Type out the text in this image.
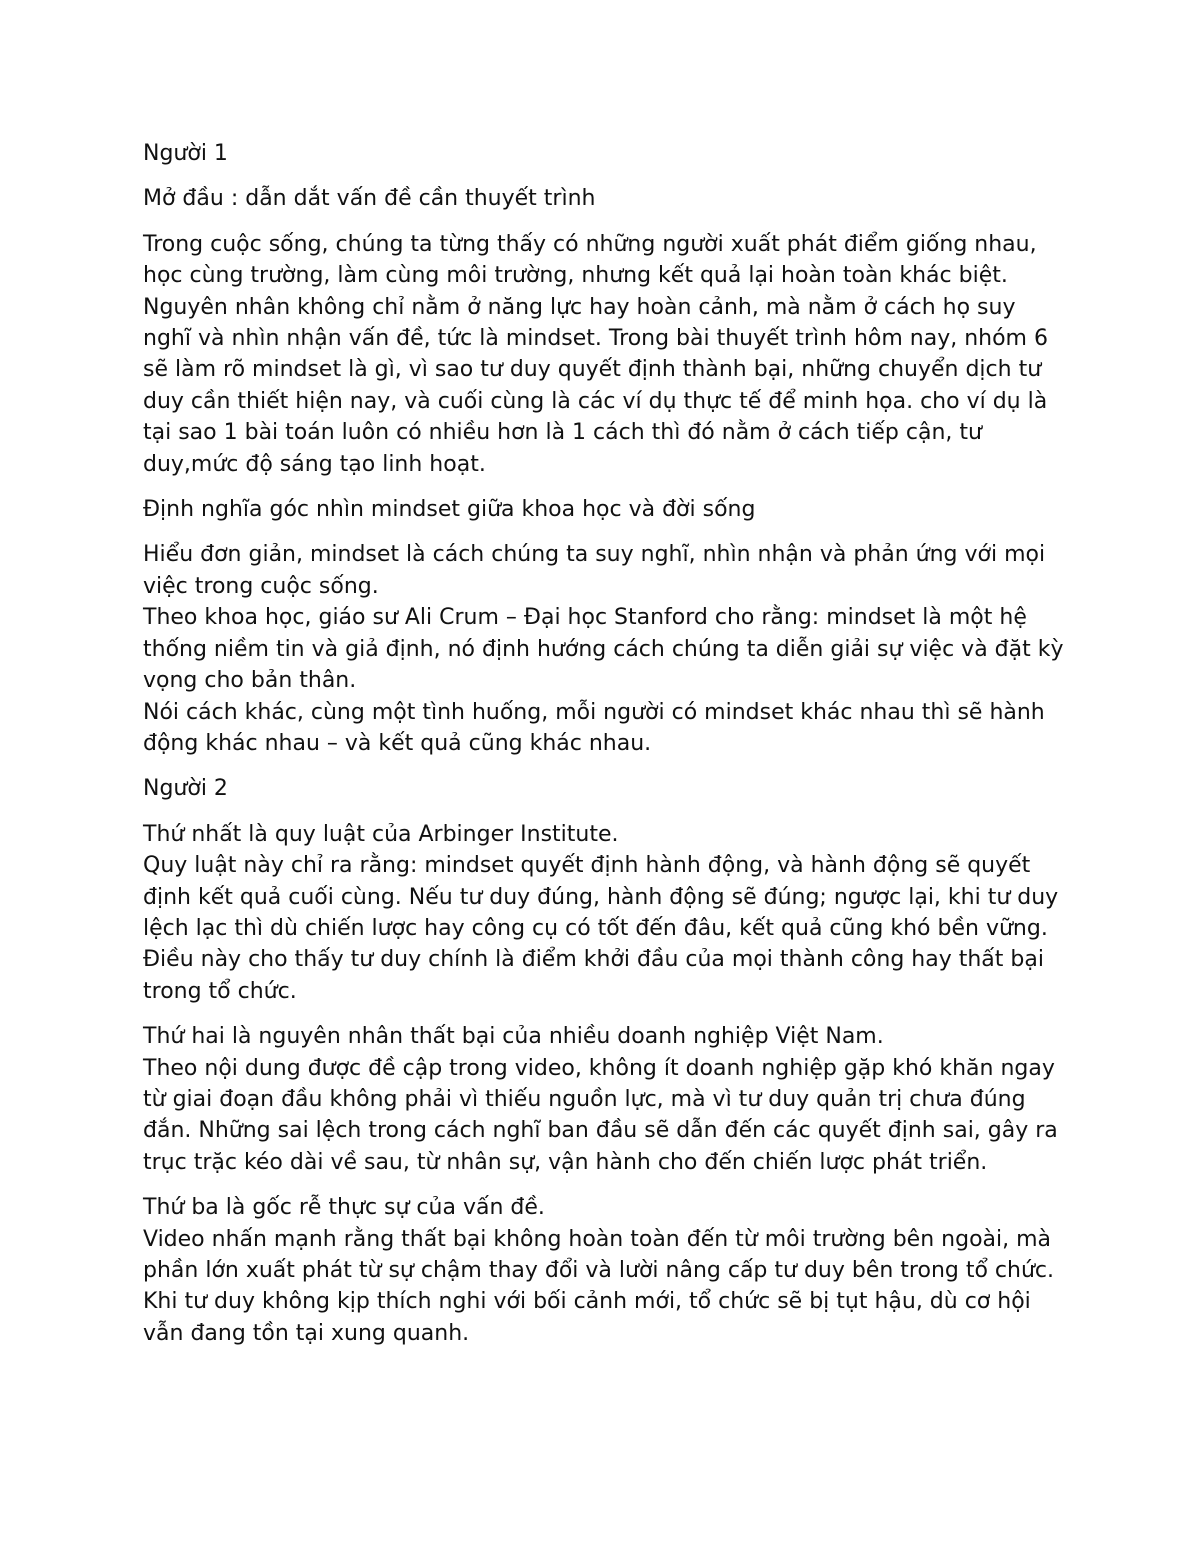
Người 1

Mở đầu : dẫn dắt vấn đề cần thuyết trình

Trong cuộc sống, chúng ta từng thấy có những người xuất phát điểm giống nhau, học cùng trường, làm cùng môi trường, nhưng kết quả lại hoàn toàn khác biệt. Nguyên nhân không chỉ nằm ở năng lực hay hoàn cảnh, mà nằm ở cách họ suy nghĩ và nhìn nhận vấn đề, tức là mindset. Trong bài thuyết trình hôm nay, nhóm 6 sẽ làm rõ mindset là gì, vì sao tư duy quyết định thành bại, những chuyển dịch tư duy cần thiết hiện nay, và cuối cùng là các ví dụ thực tế để minh họa. cho ví dụ là tại sao 1 bài toán luôn có nhiều hơn là 1 cách thì đó nằm ở cách tiếp cận, tư duy,mức độ sáng tạo linh hoạt.

Định nghĩa góc nhìn mindset giữa khoa học và đời sống

Hiểu đơn giản, mindset là cách chúng ta suy nghĩ, nhìn nhận và phản ứng với mọi việc trong cuộc sống.

Theo khoa học, giáo sư Ali Crum – Đại học Stanford cho rằng: mindset là một hệ thống niềm tin và giả định, nó định hướng cách chúng ta diễn giải sự việc và đặt kỳ vọng cho bản thân.

Nói cách khác, cùng một tình huống, mỗi người có mindset khác nhau thì sẽ hành động khác nhau – và kết quả cũng khác nhau.

Người 2

Thứ nhất là quy luật của Arbinger Institute.

Quy luật này chỉ ra rằng: mindset quyết định hành động, và hành động sẽ quyết định kết quả cuối cùng. Nếu tư duy đúng, hành động sẽ đúng; ngược lại, khi tư duy lệch lạc thì dù chiến lược hay công cụ có tốt đến đâu, kết quả cũng khó bền vững. Điều này cho thấy tư duy chính là điểm khởi đầu của mọi thành công hay thất bại trong tổ chức.

Thứ hai là nguyên nhân thất bại của nhiều doanh nghiệp Việt Nam.

Theo nội dung được đề cập trong video, không ít doanh nghiệp gặp khó khăn ngay từ giai đoạn đầu không phải vì thiếu nguồn lực, mà vì tư duy quản trị chưa đúng đắn. Những sai lệch trong cách nghĩ ban đầu sẽ dẫn đến các quyết định sai, gây ra trục trặc kéo dài về sau, từ nhân sự, vận hành cho đến chiến lược phát triển.

Thứ ba là gốc rễ thực sự của vấn đề.

Video nhấn mạnh rằng thất bại không hoàn toàn đến từ môi trường bên ngoài, mà phần lớn xuất phát từ sự chậm thay đổi và lười nâng cấp tư duy bên trong tổ chức. Khi tư duy không kịp thích nghi với bối cảnh mới, tổ chức sẽ bị tụt hậu, dù cơ hội vẫn đang tồn tại xung quanh.
